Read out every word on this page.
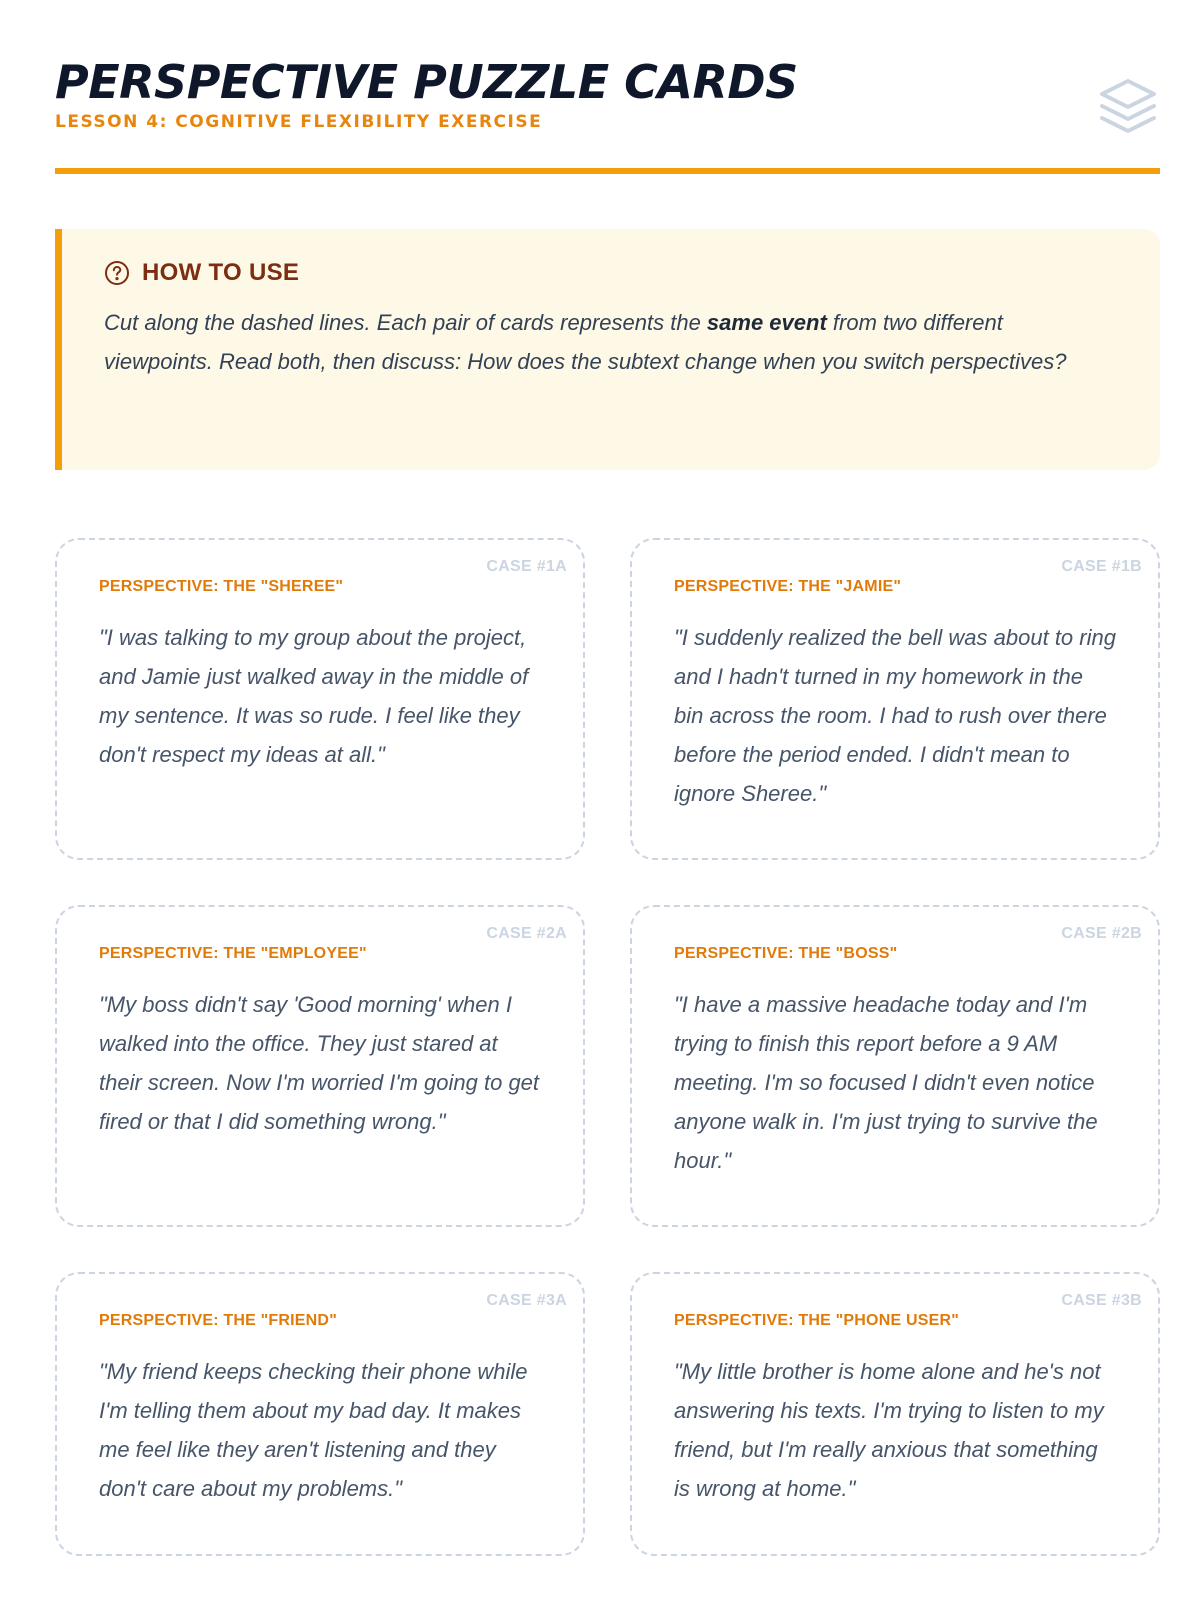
PERSPECTIVE PUZZLE CARDS
LESSON 4: COGNITIVE FLEXIBILITY EXERCISE
HOW TO USE
Cut along the dashed lines. Each pair of cards represents the same event from two different viewpoints. Read both, then discuss: How does the subtext change when you switch perspectives?
CASE #1A
PERSPECTIVE: THE "SHEREE"
"I was talking to my group about the project, and Jamie just walked away in the middle of my sentence. It was so rude. I feel like they don't respect my ideas at all."
CASE #1B
PERSPECTIVE: THE "JAMIE"
"I suddenly realized the bell was about to ring and I hadn't turned in my homework in the bin across the room. I had to rush over there before the period ended. I didn't mean to ignore Sheree."
CASE #2A
PERSPECTIVE: THE "EMPLOYEE"
"My boss didn't say 'Good morning' when I walked into the office. They just stared at their screen. Now I'm worried I'm going to get fired or that I did something wrong."
CASE #2B
PERSPECTIVE: THE "BOSS"
"I have a massive headache today and I'm trying to finish this report before a 9 AM meeting. I'm so focused I didn't even notice anyone walk in. I'm just trying to survive the hour."
CASE #3A
PERSPECTIVE: THE "FRIEND"
"My friend keeps checking their phone while I'm telling them about my bad day. It makes me feel like they aren't listening and they don't care about my problems."
CASE #3B
PERSPECTIVE: THE "PHONE USER"
"My little brother is home alone and he's not answering his texts. I'm trying to listen to my friend, but I'm really anxious that something is wrong at home."
